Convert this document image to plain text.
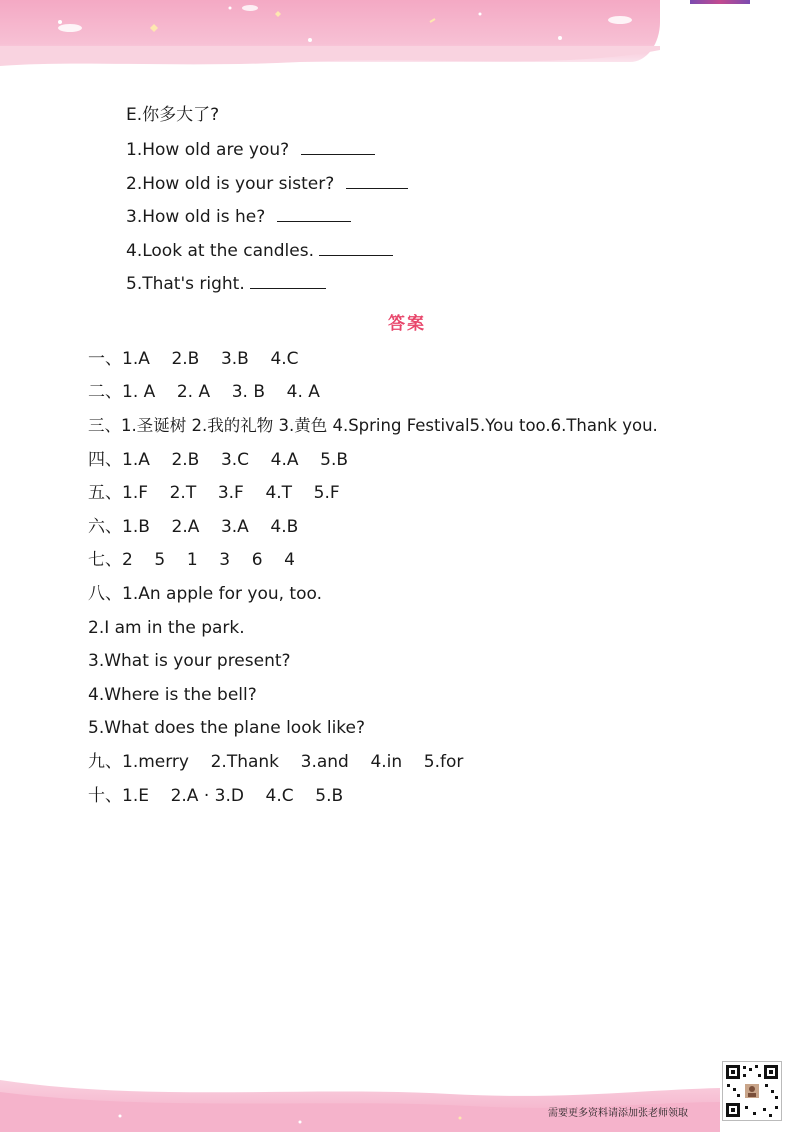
E.你多大了?
1.How old are you?
2.How old is your sister?
3.How old is he?
4.Look at the candles.
5.That's right.
答案
一、1.A    2.B    3.B    4.C
二、1. A    2. A    3. B    4. A
三、1.圣诞树 2.我的礼物 3.黄色 4.Spring Festival5.You too.6.Thank you.
四、1.A    2.B    3.C    4.A    5.B
五、1.F    2.T    3.F    4.T    5.F
六、1.B    2.A    3.A    4.B
七、2    5    1    3    6    4
八、1.An apple for you, too.
2.I am in the park.
3.What is your present?
4.Where is the bell?
5.What does the plane look like?
九、1.merry    2.Thank    3.and    4.in    5.for
十、1.E    2.A · 3.D    4.C    5.B
需要更多资料请添加张老师领取
